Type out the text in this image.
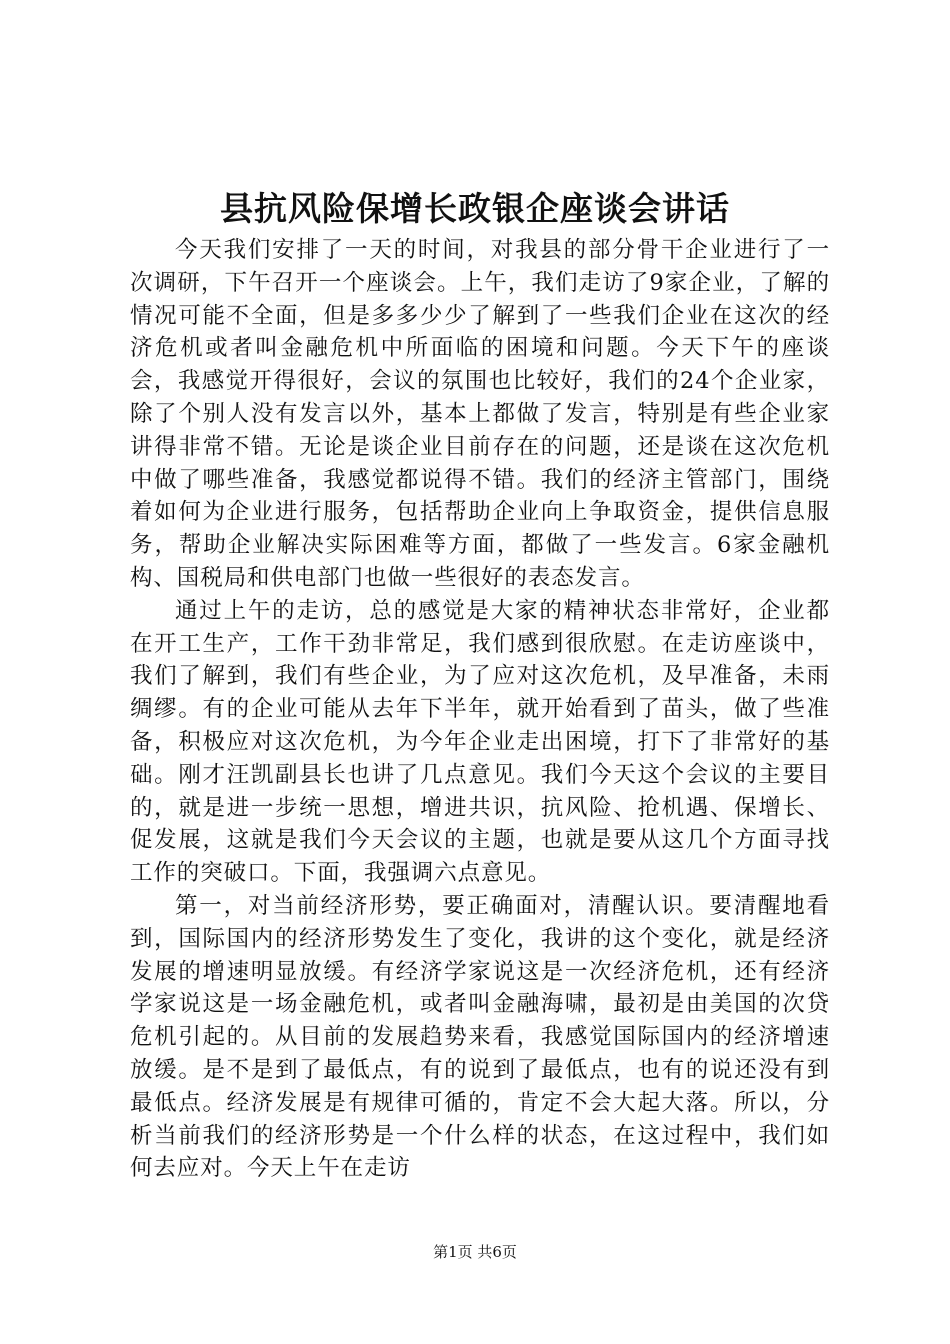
县抗风险保增长政银企座谈会讲话

今天我们安排了一天的时间，对我县的部分骨干企业进行了一次调研，下午召开一个座谈会。上午，我们走访了9家企业，了解的情况可能不全面，但是多多少少了解到了一些我们企业在这次的经济危机或者叫金融危机中所面临的困境和问题。今天下午的座谈会，我感觉开得很好，会议的氛围也比较好，我们的24个企业家，除了个别人没有发言以外，基本上都做了发言，特别是有些企业家讲得非常不错。无论是谈企业目前存在的问题，还是谈在这次危机中做了哪些准备，我感觉都说得不错。我们的经济主管部门，围绕着如何为企业进行服务，包括帮助企业向上争取资金，提供信息服务，帮助企业解决实际困难等方面，都做了一些发言。6家金融机构、国税局和供电部门也做一些很好的表态发言。

通过上午的走访，总的感觉是大家的精神状态非常好，企业都在开工生产，工作干劲非常足，我们感到很欣慰。在走访座谈中，我们了解到，我们有些企业，为了应对这次危机，及早准备，未雨绸缪。有的企业可能从去年下半年，就开始看到了苗头，做了些准备，积极应对这次危机，为今年企业走出困境，打下了非常好的基础。刚才汪凯副县长也讲了几点意见。我们今天这个会议的主要目的，就是进一步统一思想，增进共识，抗风险、抢机遇、保增长、促发展，这就是我们今天会议的主题，也就是要从这几个方面寻找工作的突破口。下面，我强调六点意见。

第一，对当前经济形势，要正确面对，清醒认识。要清醒地看到，国际国内的经济形势发生了变化，我讲的这个变化，就是经济发展的增速明显放缓。有经济学家说这是一次经济危机，还有经济学家说这是一场金融危机，或者叫金融海啸，最初是由美国的次贷危机引起的。从目前的发展趋势来看，我感觉国际国内的经济增速放缓。是不是到了最低点，有的说到了最低点，也有的说还没有到最低点。经济发展是有规律可循的，肯定不会大起大落。所以，分析当前我们的经济形势是一个什么样的状态，在这过程中，我们如何去应对。今天上午在走访

第1页 共6页
